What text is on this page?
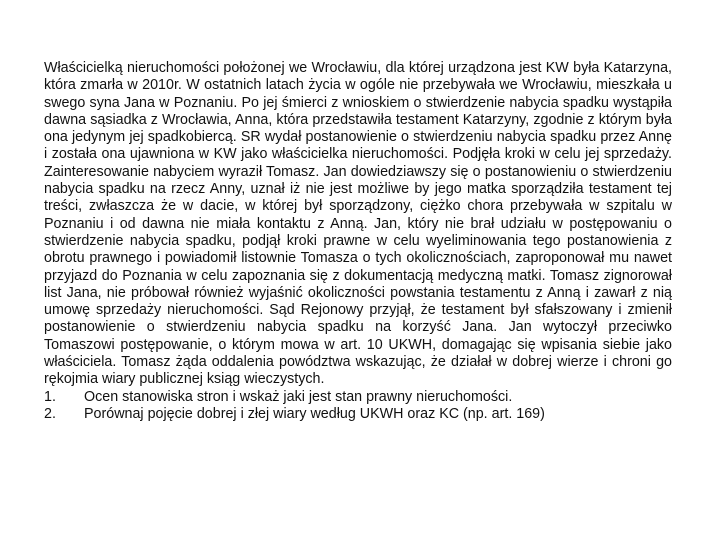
Właścicielką nieruchomości położonej we Wrocławiu, dla której urządzona jest KW była Katarzyna, która zmarła w 2010r. W ostatnich latach życia w ogóle nie przebywała we Wrocławiu, mieszkała u swego syna Jana w Poznaniu. Po jej śmierci z wnioskiem o stwierdzenie nabycia spadku wystąpiła dawna sąsiadka z Wrocławia, Anna, która przedstawiła testament Katarzyny, zgodnie z którym była ona jedynym jej spadkobiercą. SR wydał postanowienie o stwierdzeniu nabycia spadku przez Annę i została ona ujawniona w KW jako właścicielka nieruchomości. Podjęła kroki w celu jej sprzedaży. Zainteresowanie nabyciem wyraził Tomasz. Jan dowiedziawszy się o postanowieniu o stwierdzeniu nabycia spadku na rzecz Anny, uznał iż nie jest możliwe by jego matka sporządziła testament tej treści, zwłaszcza że w dacie, w której był sporządzony, ciężko chora przebywała w szpitalu w Poznaniu i od dawna nie miała kontaktu z Anną. Jan, który nie brał udziału w postępowaniu o stwierdzenie nabycia spadku, podjął kroki prawne w celu wyeliminowania tego postanowienia z obrotu prawnego i powiadomił listownie Tomasza o tych okolicznościach, zaproponował mu nawet przyjazd do Poznania w celu zapoznania się z dokumentacją medyczną matki. Tomasz zignorował list Jana, nie próbował również wyjaśnić okoliczności powstania testamentu z Anną i zawarł z nią umowę sprzedaży nieruchomości. Sąd Rejonowy przyjął, że testament był sfałszowany i zmienił postanowienie o stwierdzeniu nabycia spadku na korzyść Jana. Jan wytoczył przeciwko Tomaszowi postępowanie, o którym mowa w art. 10 UKWH, domagając się wpisania siebie jako właściciela. Tomasz żąda oddalenia powództwa wskazując, że działał w dobrej wierze i chroni go rękojmia wiary publicznej ksiąg wieczystych.

1.	Ocen stanowiska stron i wskaż jaki jest stan prawny nieruchomości.
2.	Porównaj pojęcie dobrej i złej wiary według UKWH oraz KC (np. art. 169)
